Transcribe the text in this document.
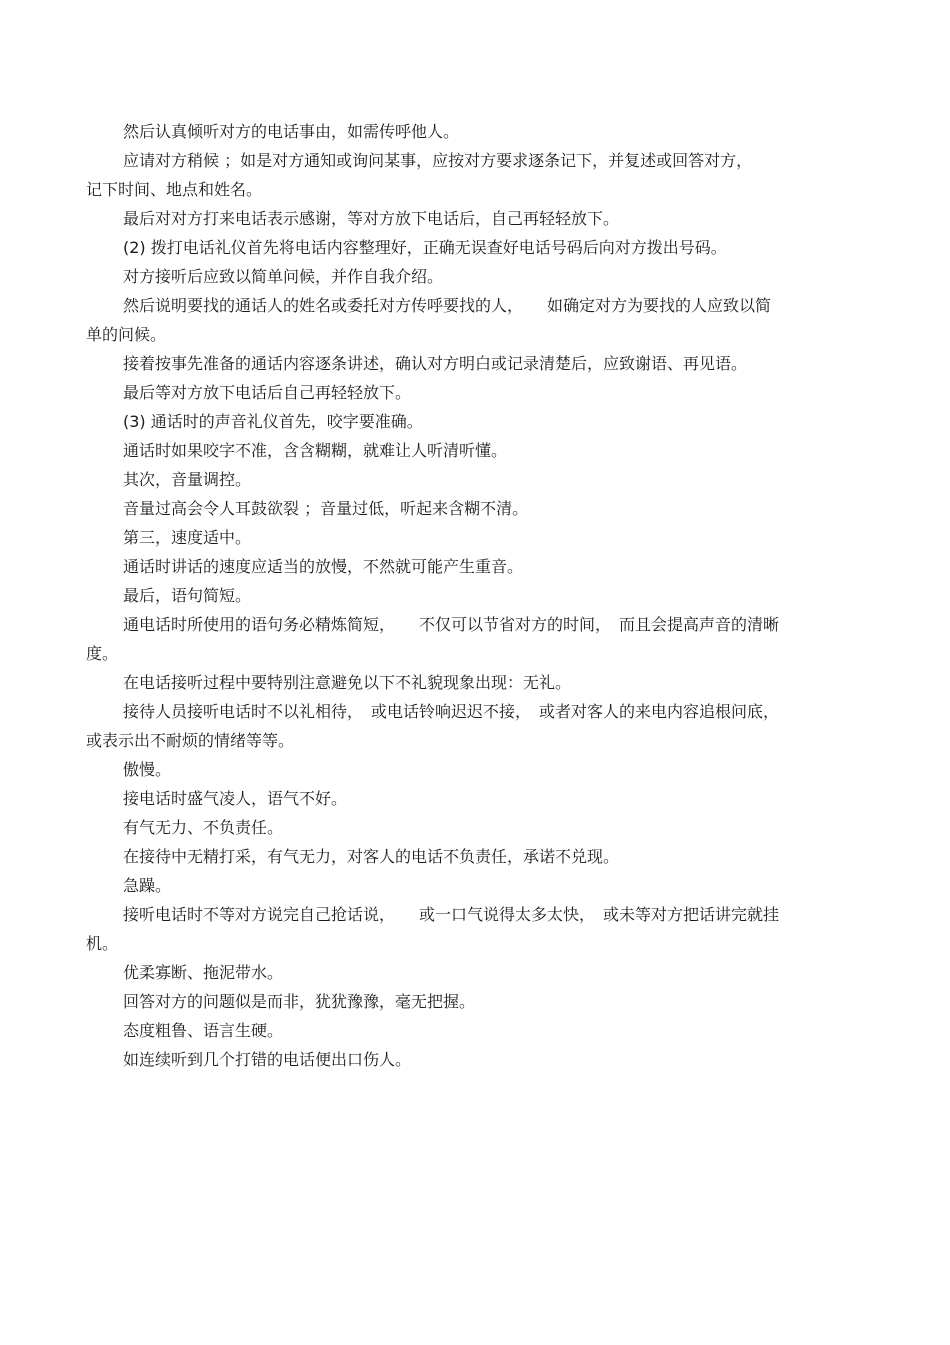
然后认真倾听对方的电话事由，如需传呼他人。

应请对方稍候 ；如是对方通知或询问某事，应按对方要求逐条记下，并复述或回答对方，
记下时间、地点和姓名。

最后对对方打来电话表示感谢，等对方放下电话后，自己再轻轻放下。

(2) 拨打电话礼仪首先将电话内容整理好，正确无误查好电话号码后向对方拨出号码。

对方接听后应致以简单问候，并作自我介绍。

然后说明要找的通话人的姓名或委托对方传呼要找的人，　　如确定对方为要找的人应致以简
单的问候。

接着按事先准备的通话内容逐条讲述，确认对方明白或记录清楚后，应致谢语、再见语。

最后等对方放下电话后自己再轻轻放下。

(3) 通话时的声音礼仪首先，咬字要准确。

通话时如果咬字不准，含含糊糊，就难让人听清听懂。

其次，音量调控。

音量过高会令人耳鼓欲裂 ；音量过低，听起来含糊不清。

第三，速度适中。

通话时讲话的速度应适当的放慢，不然就可能产生重音。

最后，语句简短。

通电话时所使用的语句务必精炼简短，　　不仅可以节省对方的时间，　而且会提高声音的清晰
度。

在电话接听过程中要特别注意避免以下不礼貌现象出现：无礼。

接待人员接听电话时不以礼相待，　或电话铃响迟迟不接，　或者对客人的来电内容追根问底，
或表示出不耐烦的情绪等等。

傲慢。

接电话时盛气凌人，语气不好。

有气无力、不负责任。

在接待中无精打采，有气无力，对客人的电话不负责任，承诺不兑现。

急躁。

接听电话时不等对方说完自己抢话说，　　或一口气说得太多太快，　或未等对方把话讲完就挂
机。

优柔寡断、拖泥带水。

回答对方的问题似是而非，犹犹豫豫，毫无把握。

态度粗鲁、语言生硬。

如连续听到几个打错的电话便出口伤人。
